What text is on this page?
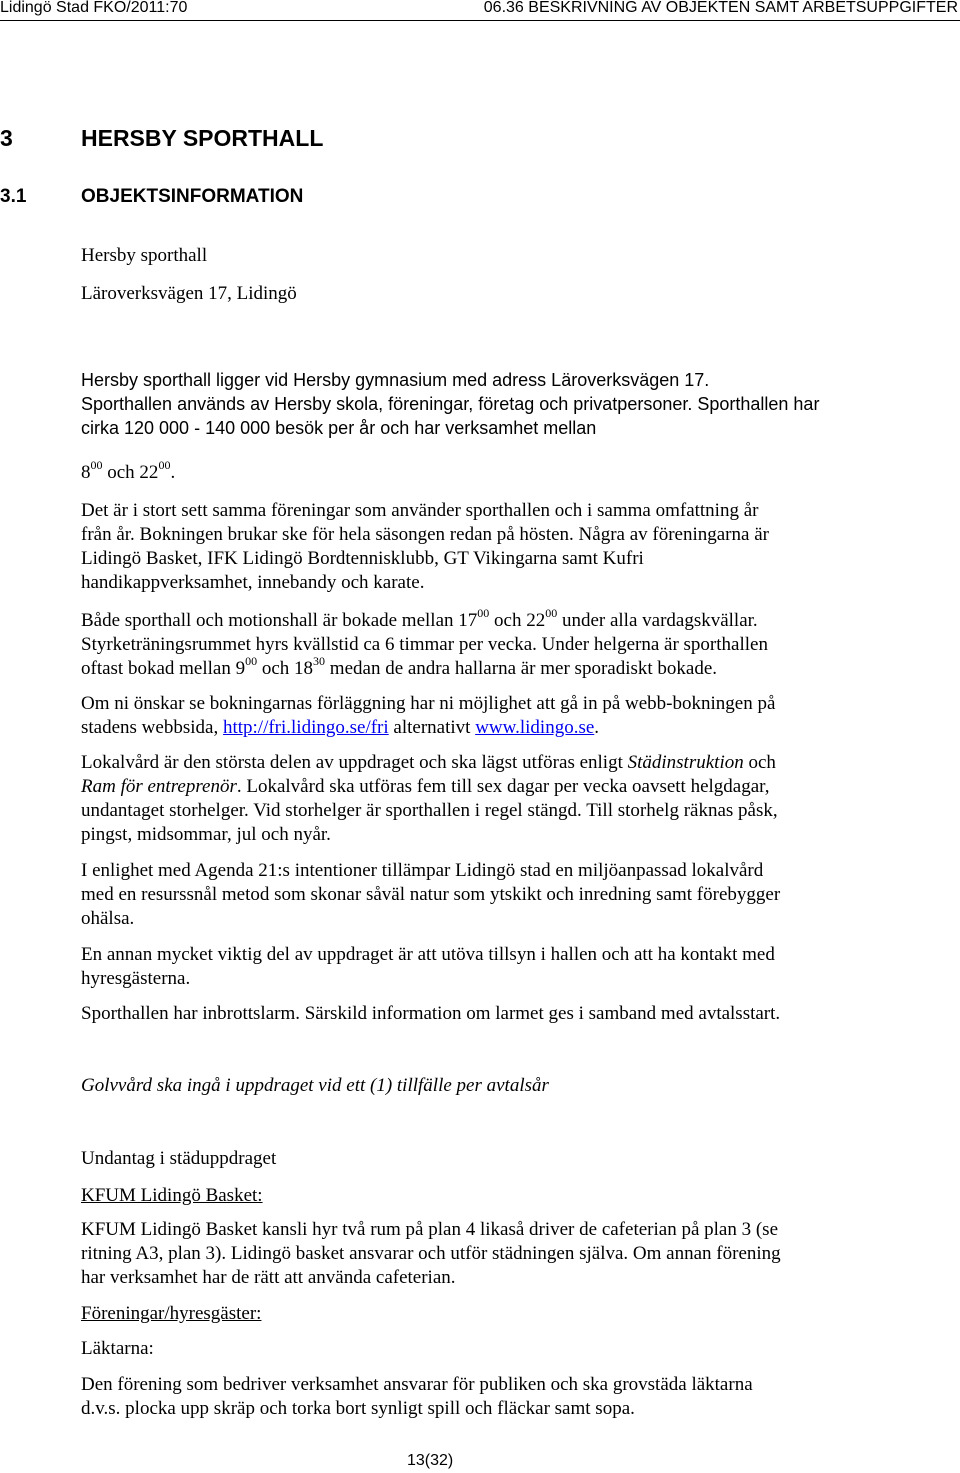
Lidingö Stad FKO/2011:70	06.36 BESKRIVNING AV OBJEKTEN SAMT ARBETSUPPGIFTER
3	HERSBY SPORTHALL
3.1	OBJEKTSINFORMATION
Hersby sporthall
Läroverksvägen 17, Lidingö
Hersby sporthall ligger vid Hersby gymnasium med adress Läroverksvägen 17.
Sporthallen används av Hersby skola, föreningar, företag och privatpersoner. Sporthallen har
cirka 120 000 - 140 000 besök per år och har verksamhet mellan
$8^{00}$ och $22^{00}$.
Det är i stort sett samma föreningar som använder sporthallen och i samma omfattning år
från år. Bokningen brukar ske för hela säsongen redan på hösten. Några av föreningarna är
Lidingö Basket, IFK Lidingö Bordtennisklubb, GT Vikingarna samt Kufri
handikappverksamhet, innebandy och karate.
Både sporthall och motionshall är bokade mellan $17^{00}$ och $22^{00}$ under alla vardagskvällar.
Styrketräningsrummet hyrs kvällstid ca 6 timmar per vecka. Under helgerna är sporthallen
oftast bokad mellan $9^{00}$ och $18^{30}$ medan de andra hallarna är mer sporadiskt bokade.
Om ni önskar se bokningarnas förläggning har ni möjlighet att gå in på webb-bokningen på
stadens webbsida, http://fri.lidingo.se/fri alternativt www.lidingo.se.
Lokalvård är den största delen av uppdraget och ska lägst utföras enligt Städinstruktion och
Ram för entreprenör. Lokalvård ska utföras fem till sex dagar per vecka oavsett helgdagar,
undantaget storhelger. Vid storhelger är sporthallen i regel stängd. Till storhelg räknas påsk,
pingst, midsommar, jul och nyår.
I enlighet med Agenda 21:s intentioner tillämpar Lidingö stad en miljöanpassad lokalvård
med en resurssnål metod som skonar såväl natur som ytskikt och inredning samt förebygger
ohälsa.
En annan mycket viktig del av uppdraget är att utöva tillsyn i hallen och att ha kontakt med
hyresgästerna.
Sporthallen har inbrottslarm. Särskild information om larmet ges i samband med avtalsstart.
Golvvård ska ingå i uppdraget vid ett (1) tillfälle per avtalsår
Undantag i städuppdraget
KFUM Lidingö Basket:
KFUM Lidingö Basket kansli hyr två rum på plan 4 likaså driver de cafeterian på plan 3 (se
ritning A3, plan 3). Lidingö basket ansvarar och utför städningen själva. Om annan förening
har verksamhet har de rätt att använda cafeterian.
Föreningar/hyresgäster:
Läktarna:
Den förening som bedriver verksamhet ansvarar för publiken och ska grovstäda läktarna
d.v.s. plocka upp skräp och torka bort synligt spill och fläckar samt sopa.
13(32)
